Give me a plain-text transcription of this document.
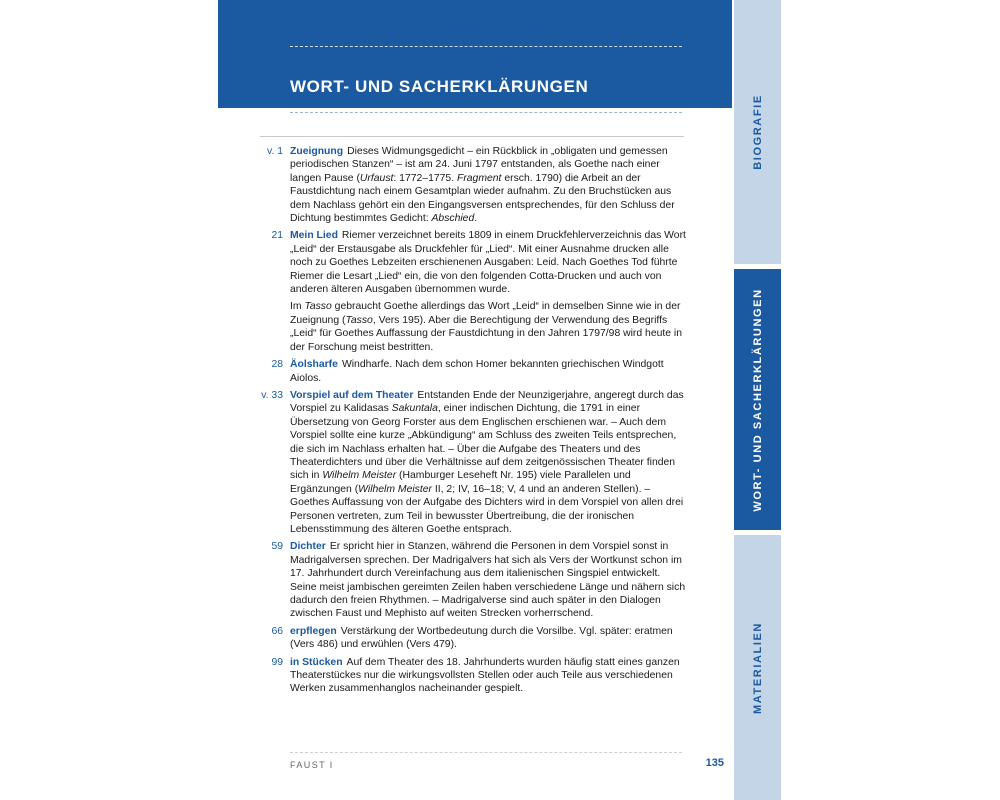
WORT- UND SACHERKLÄRUNGEN
v. 1 Zueignung Dieses Widmungsgedicht – ein Rückblick in „obligaten und gemessen periodischen Stanzen“ – ist am 24. Juni 1797 entstanden, als Goethe nach einer langen Pause (Urfaust: 1772–1775. Fragment ersch. 1790) die Arbeit an der Faustdichtung nach einem Gesamtplan wieder aufnahm. Zu den Bruchstücken aus dem Nachlass gehört ein den Eingangsversen entsprechendes, für den Schluss der Dichtung bestimmtes Gedicht: Abschied.

21 Mein Lied Riemer verzeichnet bereits 1809 in einem Druckfehlerverzeichnis das Wort „Leid“ der Erstausgabe als Druckfehler für „Lied“. Mit einer Ausnahme drucken alle noch zu Goethes Lebzeiten erschienenen Ausgaben: Leid. Nach Goethes Tod führte Riemer die Lesart „Lied“ ein, die von den folgenden Cotta-Drucken und auch von anderen älteren Ausgaben übernommen wurde.

Im Tasso gebraucht Goethe allerdings das Wort „Leid“ in demselben Sinne wie in der Zueignung (Tasso, Vers 195). Aber die Berechtigung der Verwendung des Begriffs „Leid“ für Goethes Auffassung der Faustdichtung in den Jahren 1797/98 wird heute in der Forschung meist bestritten.

28 Äolsharfe Windharfe. Nach dem schon Homer bekannten griechischen Windgott Aiolos.

v. 33 Vorspiel auf dem Theater Entstanden Ende der Neunzigerjahre, angeregt durch das Vorspiel zu Kalidasas Sakuntala, einer indischen Dichtung, die 1791 in einer Übersetzung von Georg Forster aus dem Englischen erschienen war. – Auch dem Vorspiel sollte eine kurze „Abkündigung“ am Schluss des zweiten Teils entsprechen, die sich im Nachlass erhalten hat. – Über die Aufgabe des Theaters und des Theaterdichters und über die Verhältnisse auf dem zeitgenössischen Theater finden sich in Wilhelm Meister (Hamburger Leseheft Nr. 195) viele Parallelen und Ergänzungen (Wilhelm Meister II, 2; IV, 16–18; V, 4 und an anderen Stellen). – Goethes Auffassung von der Aufgabe des Dichters wird in dem Vorspiel von allen drei Personen vertreten, zum Teil in bewusster Übertreibung, die der ironischen Lebensstimmung des älteren Goethe entsprach.

59 Dichter Er spricht hier in Stanzen, während die Personen in dem Vorspiel sonst in Madrigalversen sprechen. Der Madrigalvers hat sich als Vers der Wortkunst schon im 17. Jahrhundert durch Vereinfachung aus dem italienischen Singspiel entwickelt. Seine meist jambischen gereimten Zeilen haben verschiedene Länge und nähern sich dadurch den freien Rhythmen. – Madrigalverse sind auch später in den Dialogen zwischen Faust und Mephisto auf weiten Strecken vorherrschend.

66 erpflegen Verstärkung der Wortbedeutung durch die Vorsilbe. Vgl. später: eratmen (Vers 486) und erwühlen (Vers 479).

99 in Stücken Auf dem Theater des 18. Jahrhunderts wurden häufig statt eines ganzen Theaterstückes nur die wirkungsvollsten Stellen oder auch Teile aus verschiedenen Werken zusammenhanglos nacheinander gespielt.

FAUST I	135
BIOGRAFIE
WORT- UND SACHERKLÄRUNGEN
MATERIALIEN
